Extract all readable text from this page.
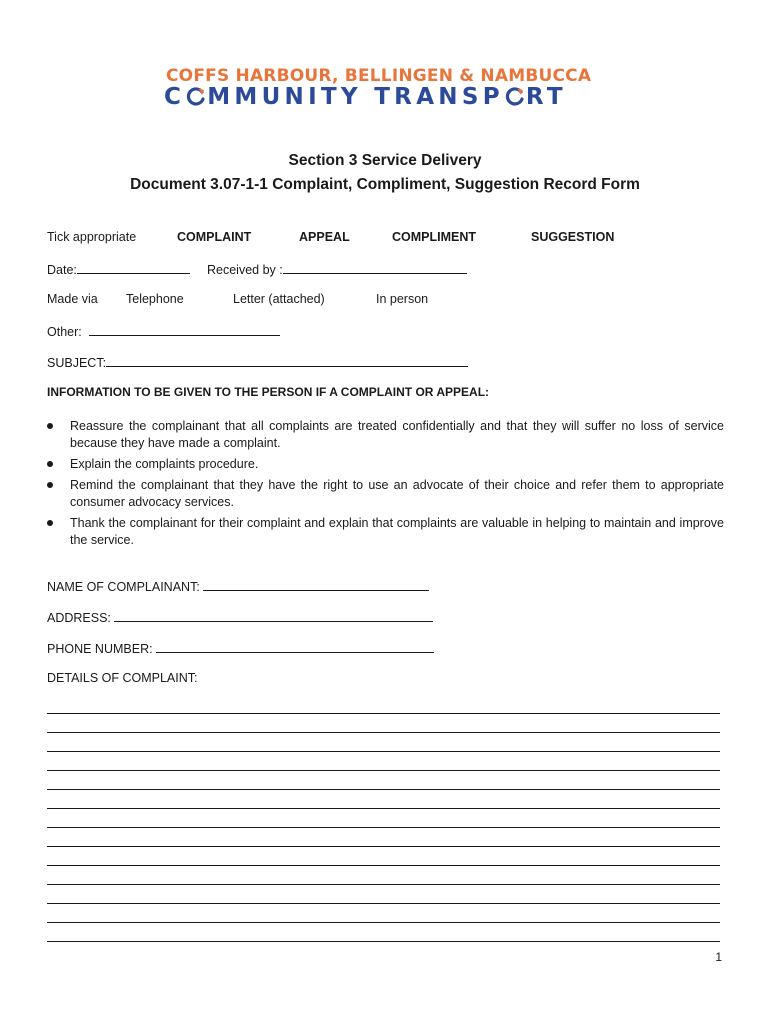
COFFS HARBOUR, BELLINGEN & NAMBUCCA
C MMUNITY TRANSP RT
Section 3 Service Delivery
Document 3.07-1-1 Complaint, Compliment, Suggestion Record Form
Tick appropriate	COMPLAINT	APPEAL	COMPLIMENT	SUGGESTION
Date:	Received by :
Made via Telephone	Letter (attached)	In person
Other:
SUBJECT:
INFORMATION TO BE GIVEN TO THE PERSON IF A COMPLAINT OR APPEAL:
Reassure the complainant that all complaints are treated confidentially and that they will suffer no loss of service because they have made a complaint.
Explain the complaints procedure.
Remind the complainant that they have the right to use an advocate of their choice and refer them to appropriate consumer advocacy services.
Thank the complainant for their complaint and explain that complaints are valuable in helping to maintain and improve the service.
NAME OF COMPLAINANT:
ADDRESS:
PHONE NUMBER:
DETAILS OF COMPLAINT:
1
